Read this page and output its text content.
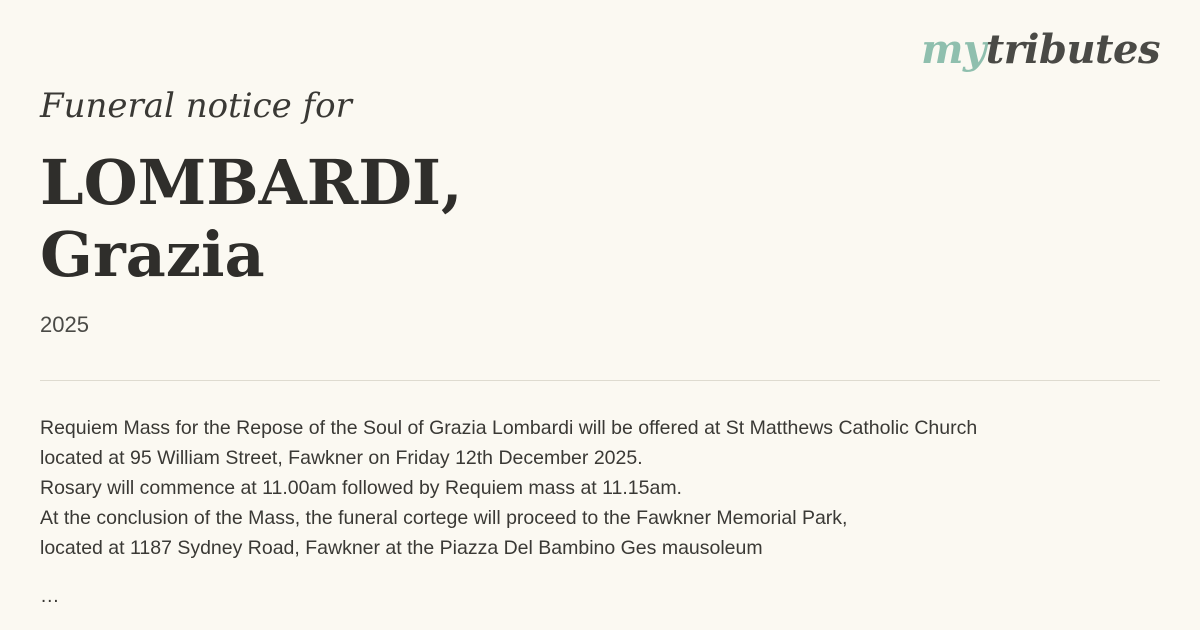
mytributes
Funeral notice for
LOMBARDI, Grazia
2025

Requiem Mass for the Repose of the Soul of Grazia Lombardi will be offered at St Matthews Catholic Church

located at 95 William Street, Fawkner on Friday 12th December 2025.

Rosary will commence at 11.00am followed by Requiem mass at 11.15am.

At the conclusion of the Mass, the funeral cortege will proceed to the Fawkner Memorial Park,

located at 1187 Sydney Road, Fawkner at the Piazza Del Bambino Ges mausoleum

…
